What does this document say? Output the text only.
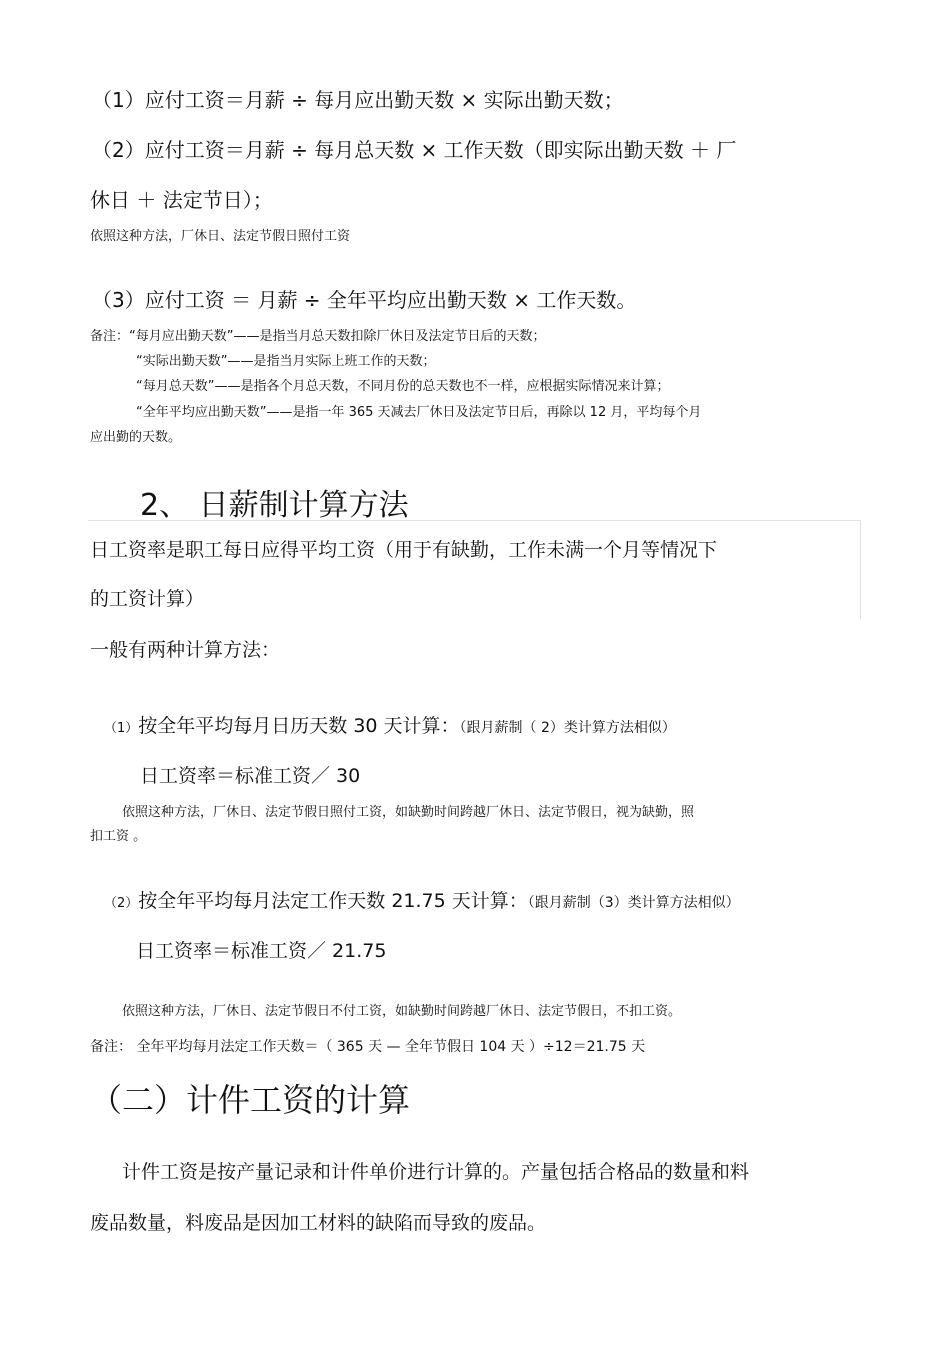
（1）应付工资＝月薪 ÷ 每月应出勤天数 × 实际出勤天数；
（2）应付工资＝月薪 ÷ 每月总天数 × 工作天数（即实际出勤天数 ＋ 厂
休日 ＋ 法定节日）；
依照这种方法，厂休日、法定节假日照付工资
（3）应付工资 ＝ 月薪 ÷ 全年平均应出勤天数 × 工作天数。
备注：“每月应出勤天数”——是指当月总天数扣除厂休日及法定节日后的天数；
“实际出勤天数”——是指当月实际上班工作的天数；
“每月总天数”——是指各个月总天数，不同月份的总天数也不一样，应根据实际情况来计算；
“全年平均应出勤天数”——是指一年 365 天减去厂休日及法定节日后，再除以 12 月，平均每个月
应出勤的天数。
2、 日薪制计算方法
日工资率是职工每日应得平均工资（用于有缺勤，工作未满一个月等情况下
的工资计算）
一般有两种计算方法：
（1）按全年平均每月日历天数 30 天计算：（跟月薪制（ 2）类计算方法相似）
日工资率＝标准工资／ 30
依照这种方法，厂休日、法定节假日照付工资，如缺勤时间跨越厂休日、法定节假日，视为缺勤，照
扣工资 。
（2）按全年平均每月法定工作天数 21.75 天计算：（跟月薪制（3）类计算方法相似）
日工资率＝标准工资／ 21.75
依照这种方法，厂休日、法定节假日不付工资，如缺勤时间跨越厂休日、法定节假日，不扣工资。
备注： 全年平均每月法定工作天数＝（ 365 天 — 全年节假日 104 天 ）÷12＝21.75 天
（二）计件工资的计算
计件工资是按产量记录和计件单价进行计算的。产量包括合格品的数量和料
废品数量，料废品是因加工材料的缺陷而导致的废品。
